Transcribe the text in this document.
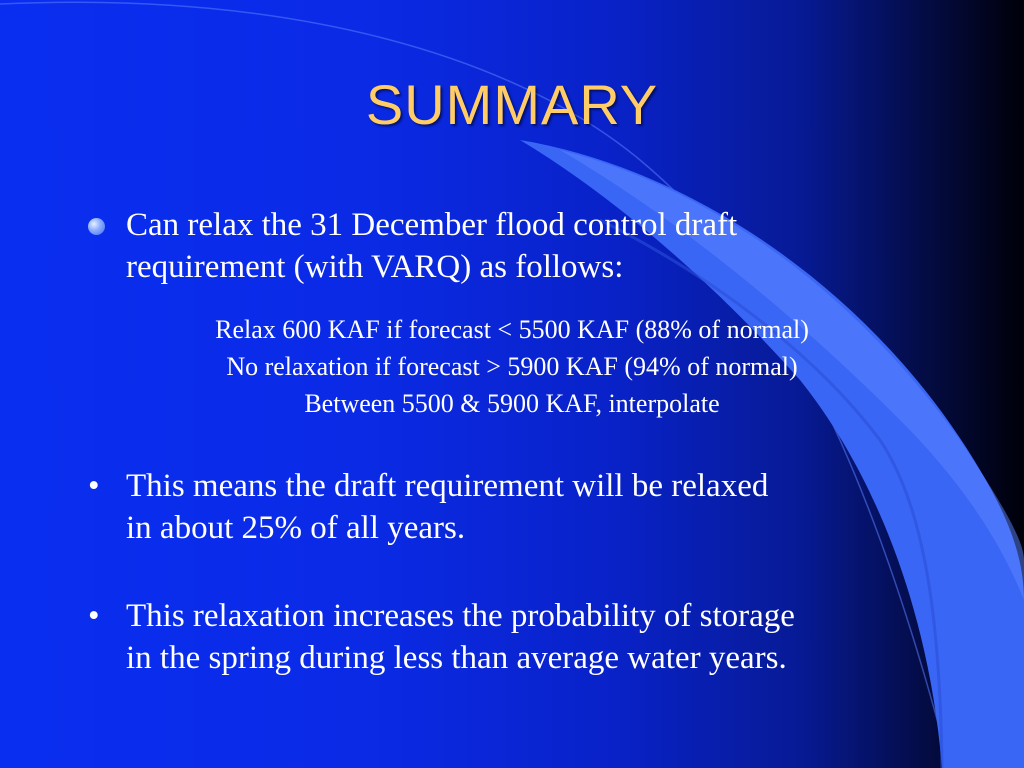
SUMMARY
Can relax the 31 December flood control draft
requirement (with VARQ) as follows:
Relax 600 KAF if forecast < 5500 KAF (88% of normal)
No relaxation if forecast > 5900 KAF (94% of normal)
Between 5500 & 5900 KAF, interpolate
• This means the draft requirement will be relaxed
in about 25% of all years.
• This relaxation increases the probability of storage
in the spring during less than average water years.
